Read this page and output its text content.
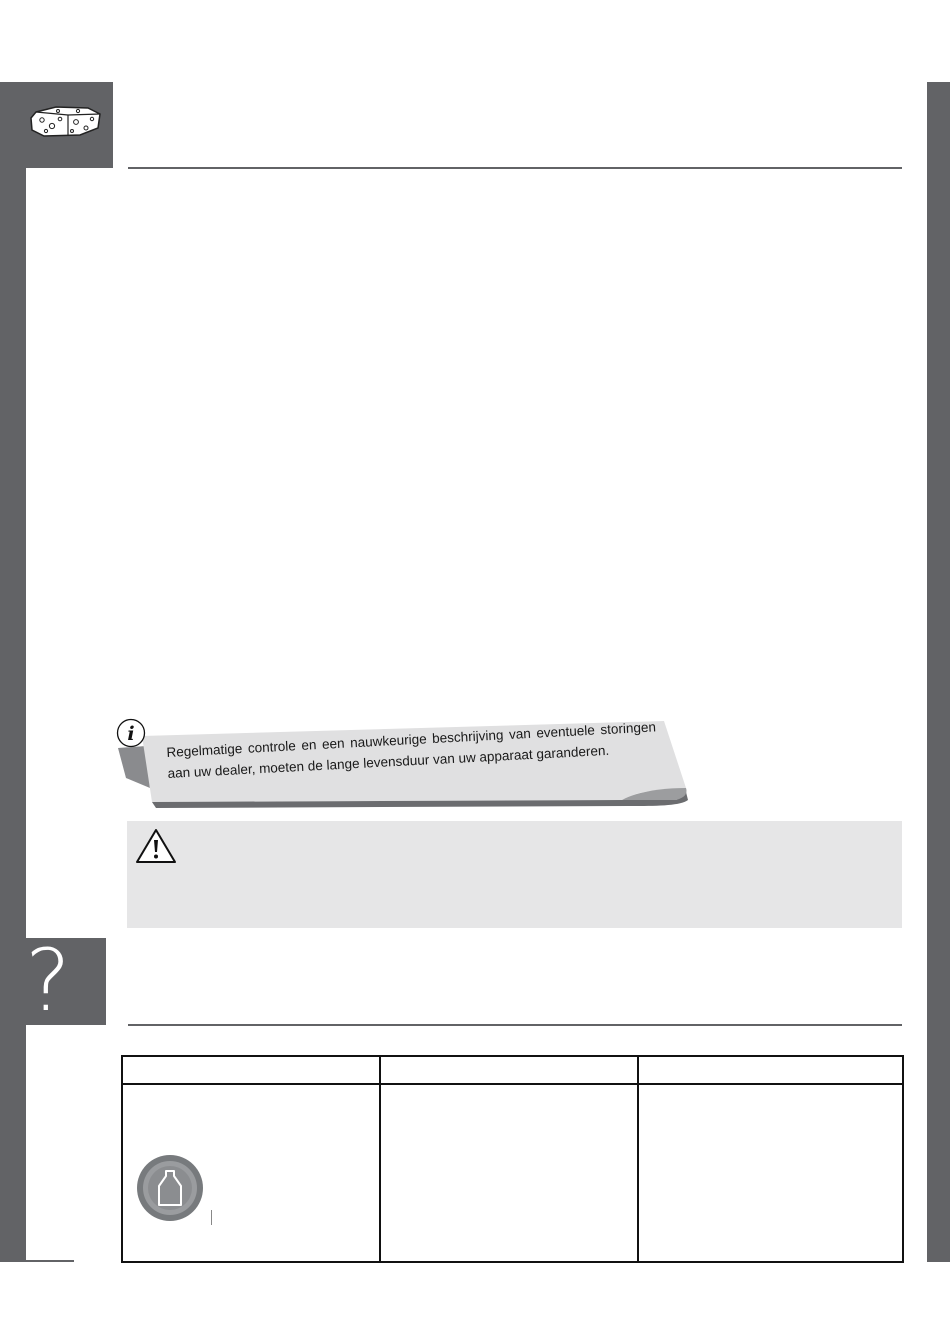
i Regelmatige controle en een nauwkeurige beschrijving van eventuele storingen aan uw dealer, moeten de lange levensduur van uw apparaat garanderen.
?
